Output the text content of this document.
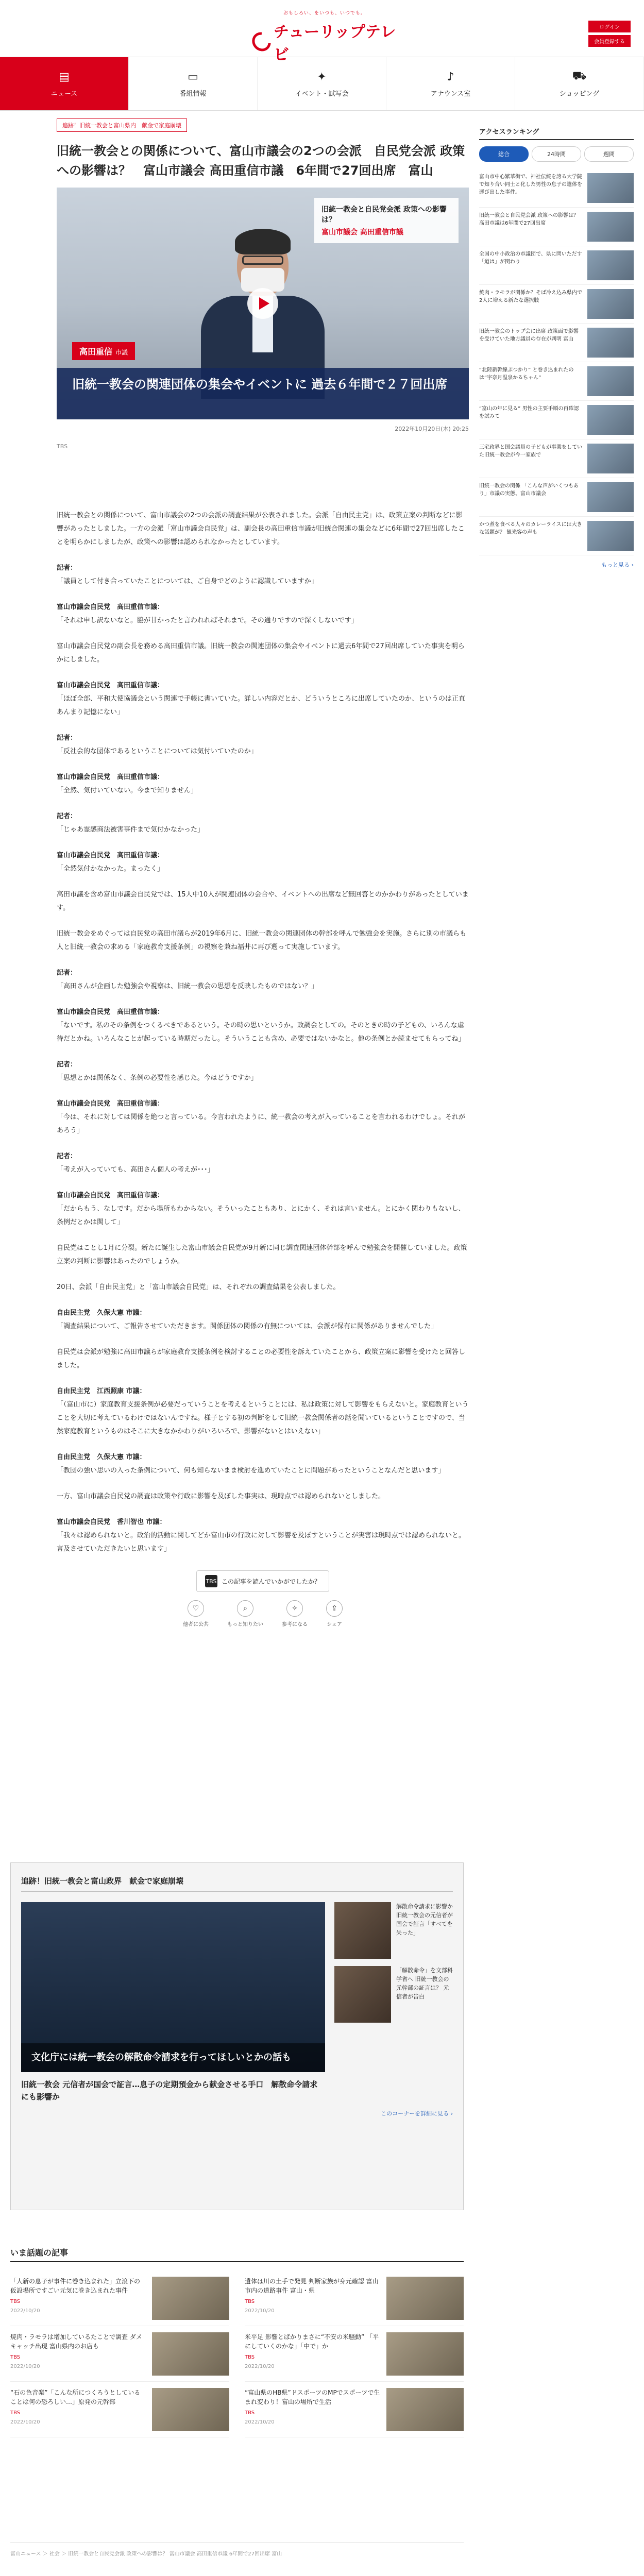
おもしろい、をいつも、いつでも。
チューリップテレビ
ログイン
会員登録する
▤
ニュース
▭
番組情報
✦
イベント・試写会
♪
アナウンス室
⛟
ショッピング
追跡！旧統一教会と富山県内　献金で家庭崩壊
旧統一教会との関係について、富山市議会の2つの会派　自民党会派 政策への影響は？　富山市議会 高田重信市議　6年間で27回出席　富山
旧統一教会と自民党会派 政策への影響は？
富山市議会 高田重信市議
高田重信 市議
旧統一教会の関連団体の集会やイベントに 過去６年間で２７回出席
2022年10月20日(木) 20:25
TBS

旧統一教会との関係について、富山市議会の2つの会派の調査結果が公表されました。会派「自由民主党」は、政策立案の判断などに影響があったとしました。一方の会派「富山市議会自民党」は、副会長の高田重信市議が旧統合関連の集会などに6年間で27回出席したことを明らかにしましたが、政策への影響は認められなかったとしています。

記者：
「議員として付き合っていたことについては、ご自身でどのように認識していますか」

富山市議会自民党　高田重信市議：
「それは申し訳ないなと。脇が甘かったと言われればそれまで。その通りですので深くしないです」

富山市議会自民党の副会長を務める高田重信市議。旧統一教会の関連団体の集会やイベントに過去6年間で27回出席していた事実を明らかにしました。

富山市議会自民党　高田重信市議：
「ほぼ全部、平和大使協議会という関連で手帳に書いていた。詳しい内容だとか、どういうところに出席していたのか、というのは正直あんまり記憶にない」

記者：
「反社会的な団体であるということについては気付いていたのか」

富山市議会自民党　高田重信市議：
「全然、気付いていない。今まで知りません」

記者：
「じゃあ霊感商法被害事件まで気付かなかった」

富山市議会自民党　高田重信市議：
「全然気付かなかった。まったく」

高田市議を含め富山市議会自民党では、15人中10人が関連団体の会合や、イベントへの出席など無回答とのかかわりがあったとしています。

旧統一教会をめぐっては自民党の高田市議らが2019年6月に、旧統一教会の関連団体の幹部を呼んで勉強会を実施。さらに別の市議らも人と旧統一教会の求める「家庭教育支援条例」の視察を兼ね福井に再び遡って実施しています。

記者：
「高田さんが企画した勉強会や視察は、旧統一教会の思想を反映したものではない？」

富山市議会自民党　高田重信市議：
「ないです。私のその条例をつくるべきであるという。その時の思いというか。政調会としての。そのときの時の子どもの、いろんな虐待だとかね。いろんなことが起っている時期だったし。そういうことも含め、必要ではないかなと。他の条例とか読ませてもらってね」

記者：
「思想とかは関係なく、条例の必要性を感じた。今はどうですか」

富山市議会自民党　高田重信市議：
「今は、それに対しては関係を絶つと言っている。今言われたように、統一教会の考えが入っていることを言われるわけでしょ。それがあろう」

記者：
「考えが入っていても、高田さん個人の考えが･･･」

富山市議会自民党　高田重信市議：
「だからもう、なしです。だから場所もわからない。そういったこともあり、とにかく、それは言いません。とにかく関わりもないし、条例だとかは関して」

自民党はことし1月に分裂。新たに誕生した富山市議会自民党が9月新に同じ調査関連団体幹部を呼んで勉強会を開催していました。政策立案の判断に影響はあったのでしょうか。

20日、会派「自由民主党」と「富山市議会自民党」は、それぞれの調査結果を公表しました。

自由民主党　久保大憲 市議：
「調査結果について、ご報告させていただきます。関係団体の関係の有無については、会派が保有に関係がありませんでした」

自民党は会派が勉強に高田市議らが家庭教育支援条例を検討することの必要性を訴えていたことから、政策立案に影響を受けたと回答しました。

自由民主党　江西照康 市議：
「（富山市に）家庭教育支援条例が必要だっていうことを考えるということには、私は政策に対して影響をもらえないと。家庭教育ということを大切に考えているわけではないんですね。様子とする初の判断をして旧統一教会関係者の話を聞いているということですので、当然家庭教育というものはそこに大きなかかわりがいろいろで、影響がないとはいえない」

自由民主党　久保大憲 市議：
「教団の強い思いの入った条例について、何も知らないまま検討を進めていたことに問題があったということなんだと思います」

一方、富山市議会自民党の調査は政策や行政に影響を及ぼした事実は、現時点では認められないとしました。

富山市議会自民党　香川智也 市議：
「我々は認められないと。政治的活動に関してどか富山市の行政に対して影響を及ぼすということが実害は現時点では認められないと。言及させていただきたいと思います」

TBS この記事を読んでいかがでしたか？
♡
他者に公共
⌕
もっと知りたい
✧
参考になる
⇪
シェア
アクセスランキング
総合	24時間	週間
富山市中心繁華街で、神社伝統を誇る大学院で知り合い同士と化した男性の息子の遺体を運び出した事件。
旧統一教会と自民党会派 政策への影響は？ 高田市議は6年間で27回出席
全国の中小政治の市議団で、県に問いただす「道は」が関わり
焼肉・ラモラが関係か？そば冷え込み県内で2人に増える新たな選択肢
旧統一教会のトップ会に出席 政策面で影響を受けていた地方議員の存在が判明 富山
“北陸新幹線ぶつかり” と巻き込まれたのは“宇奈月温泉かるちゃん”
“富山の年に見る” 男性の主要手順の再確認を試みて
三宅政界と国会議員の子どもが事業をしていた旧統一教会が今一家族で
旧統一教会の関係 「こんな声がいくつもあり」市議の実態、富山市議会
かつ煮を食べる人々のカレーライスには大きな話題が？ 観光客の声も
もっと見る ›
追跡！旧統一教会と富山政界　献金で家庭崩壊
文化庁には統一教会の解散命令請求を行ってほしいとかの話も
旧統一教会 元信者が国会で証言…息子の定期預金から献金させる手口　解散命令請求にも影響か
解散命令請求に影響か 旧統一教会の元信者が国会で証言「すべてを失った」
「解散命令」を文部科学省へ 旧統一教会の元幹部の証言は？ 元信者が告白
このコーナーを詳細に見る ›
いま話題の記事
「人新の息子が事件に巻き込まれた」立浪下の仮設場所ですごい元気に巻き込まれた事件
TBS
2022/10/20
遺体は川の土手で発見 判断家族が身元確認 富山市内の道路事件 富山・県
TBS
2022/10/20
焼肉・ラモラは増加しているたことで調査 ダメキャッチ出現 富山県内のお店も
TBS
2022/10/20
米平足 影響とばかりまさに“不安の米騒動” 「平にしていくのかな」「中で」か
TBS
2022/10/20
“石の色音楽”「こんな所につくろうとしていることは何の恐ろしい…」原発の元幹部
TBS
2022/10/20
“富山県のHB県”ドスポーツのMPでスポーツで生まれ変わり！富山の場所で生活
TBS
2022/10/20
富山ニュース ＞ 社会 ＞ 旧統一教会と自民党会派 政策への影響は？ 富山市議会 高田重信市議 6年間で27回出席 富山
